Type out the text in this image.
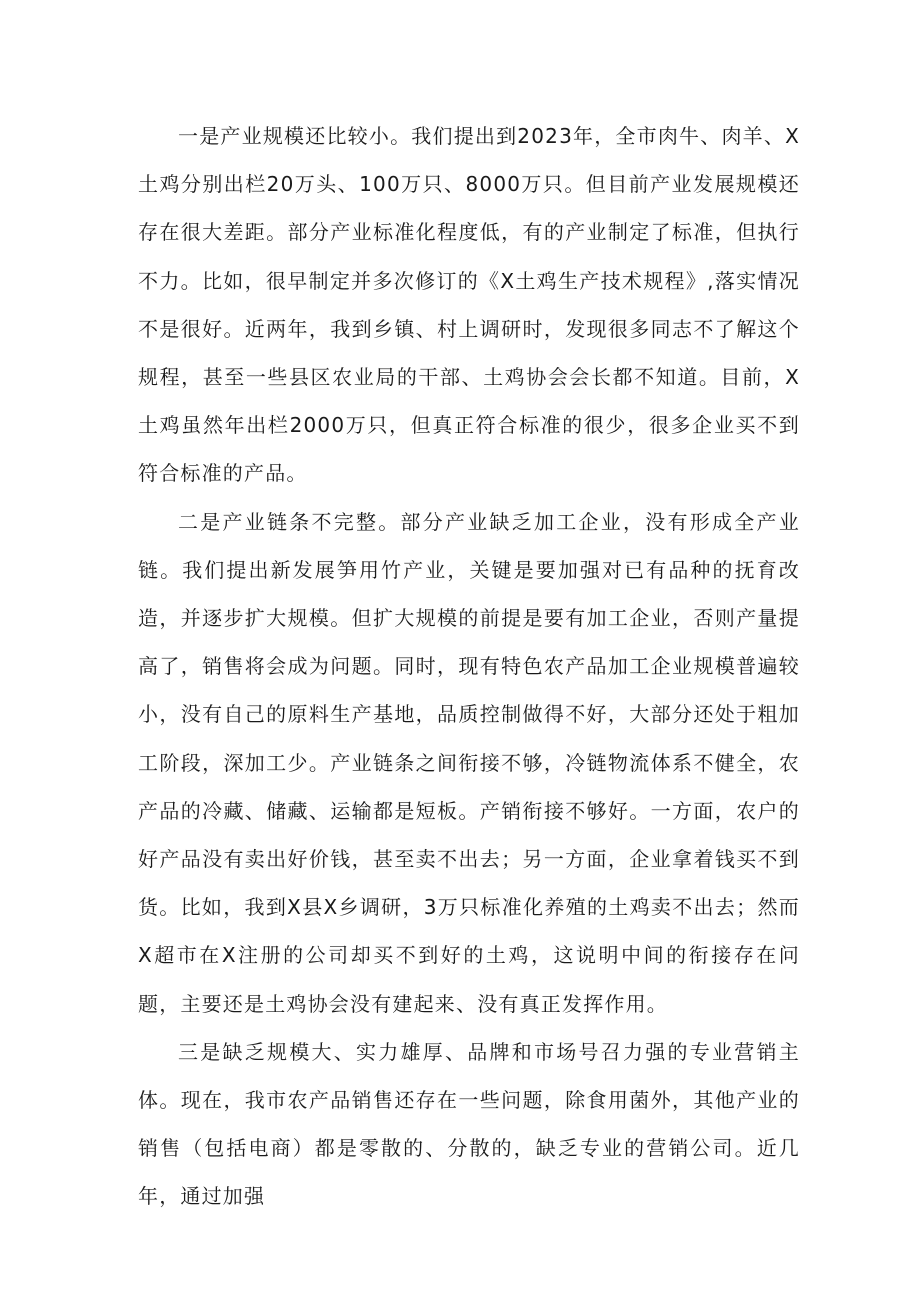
一是产业规模还比较小。我们提出到2023年，全市肉牛、肉羊、X土鸡分别出栏20万头、100万只、8000万只。但目前产业发展规模还存在很大差距。部分产业标准化程度低，有的产业制定了标准，但执行不力。比如，很早制定并多次修订的《X土鸡生产技术规程》,落实情况不是很好。近两年，我到乡镇、村上调研时，发现很多同志不了解这个规程，甚至一些县区农业局的干部、土鸡协会会长都不知道。目前，X土鸡虽然年出栏2000万只，但真正符合标准的很少，很多企业买不到符合标准的产品。

二是产业链条不完整。部分产业缺乏加工企业，没有形成全产业链。我们提出新发展笋用竹产业，关键是要加强对已有品种的抚育改造，并逐步扩大规模。但扩大规模的前提是要有加工企业，否则产量提高了，销售将会成为问题。同时，现有特色农产品加工企业规模普遍较小，没有自己的原料生产基地，品质控制做得不好，大部分还处于粗加工阶段，深加工少。产业链条之间衔接不够，冷链物流体系不健全，农产品的冷藏、储藏、运输都是短板。产销衔接不够好。一方面，农户的好产品没有卖出好价钱，甚至卖不出去；另一方面，企业拿着钱买不到货。比如，我到X县X乡调研，3万只标准化养殖的土鸡卖不出去；然而X超市在X注册的公司却买不到好的土鸡，这说明中间的衔接存在问题，主要还是土鸡协会没有建起来、没有真正发挥作用。

三是缺乏规模大、实力雄厚、品牌和市场号召力强的专业营销主体。现在，我市农产品销售还存在一些问题，除食用菌外，其他产业的销售（包括电商）都是零散的、分散的，缺乏专业的营销公司。近几年，通过加强
